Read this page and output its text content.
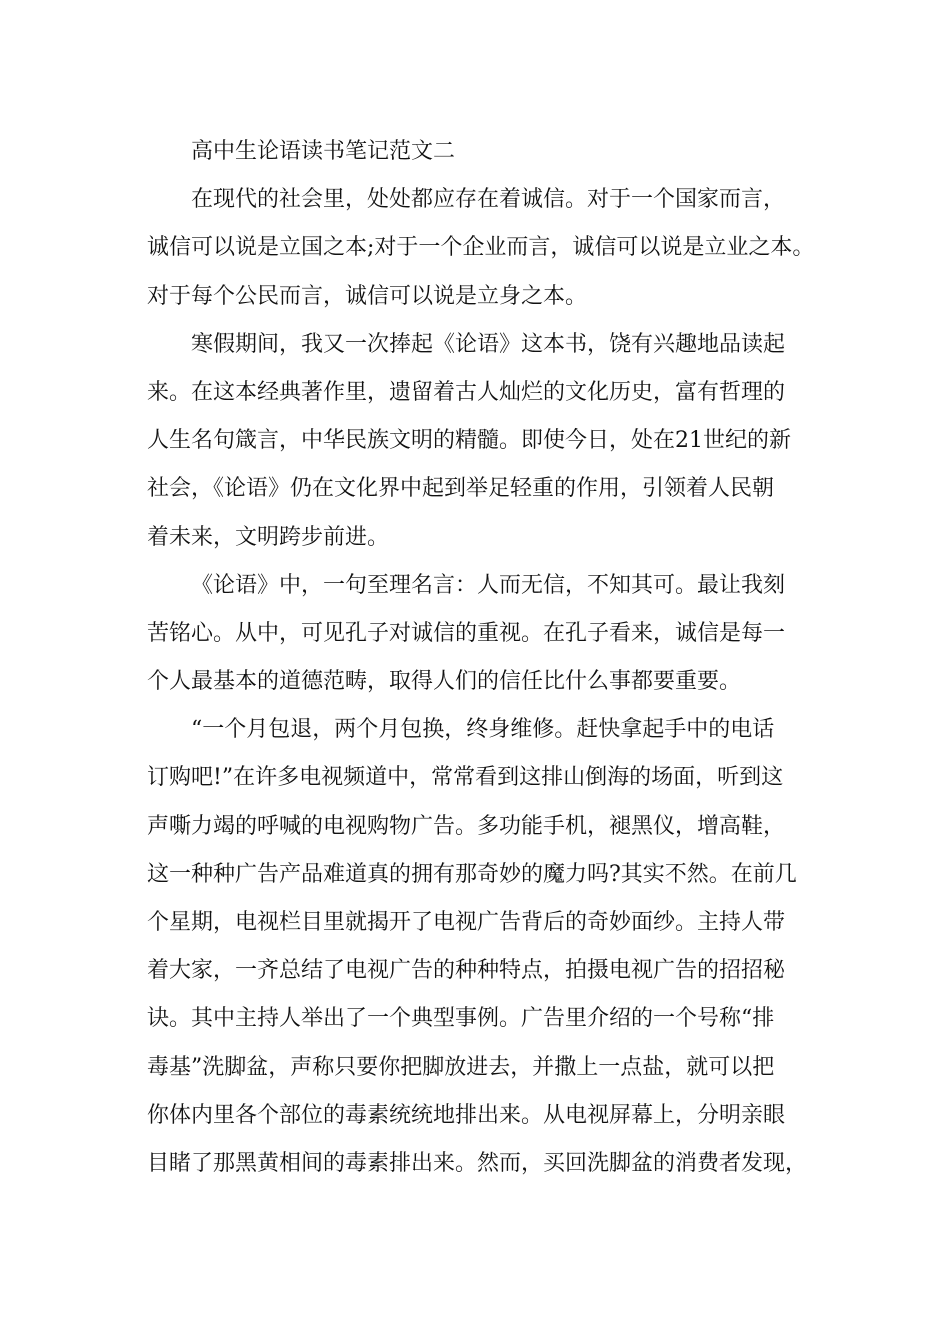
高中生论语读书笔记范文二
在现代的社会里，处处都应存在着诚信。对于一个国家而言，
诚信可以说是立国之本;对于一个企业而言，诚信可以说是立业之本。
对于每个公民而言，诚信可以说是立身之本。
寒假期间，我又一次捧起《论语》这本书，饶有兴趣地品读起
来。在这本经典著作里，遗留着古人灿烂的文化历史，富有哲理的
人生名句箴言，中华民族文明的精髓。即使今日，处在21世纪的新
社会，《论语》仍在文化界中起到举足轻重的作用，引领着人民朝
着未来，文明跨步前进。
《论语》中，一句至理名言：人而无信，不知其可。最让我刻
苦铭心。从中，可见孔子对诚信的重视。在孔子看来，诚信是每一
个人最基本的道德范畴，取得人们的信任比什么事都要重要。
“一个月包退，两个月包换，终身维修。赶快拿起手中的电话
订购吧!”在许多电视频道中，常常看到这排山倒海的场面，听到这
声嘶力竭的呼喊的电视购物广告。多功能手机，褪黑仪，增高鞋，
这一种种广告产品难道真的拥有那奇妙的魔力吗?其实不然。在前几
个星期，电视栏目里就揭开了电视广告背后的奇妙面纱。主持人带
着大家，一齐总结了电视广告的种种特点，拍摄电视广告的招招秘
诀。其中主持人举出了一个典型事例。广告里介绍的一个号称“排
毒基”洗脚盆，声称只要你把脚放进去，并撒上一点盐，就可以把
你体内里各个部位的毒素统统地排出来。从电视屏幕上，分明亲眼
目睹了那黑黄相间的毒素排出来。然而，买回洗脚盆的消费者发现，
